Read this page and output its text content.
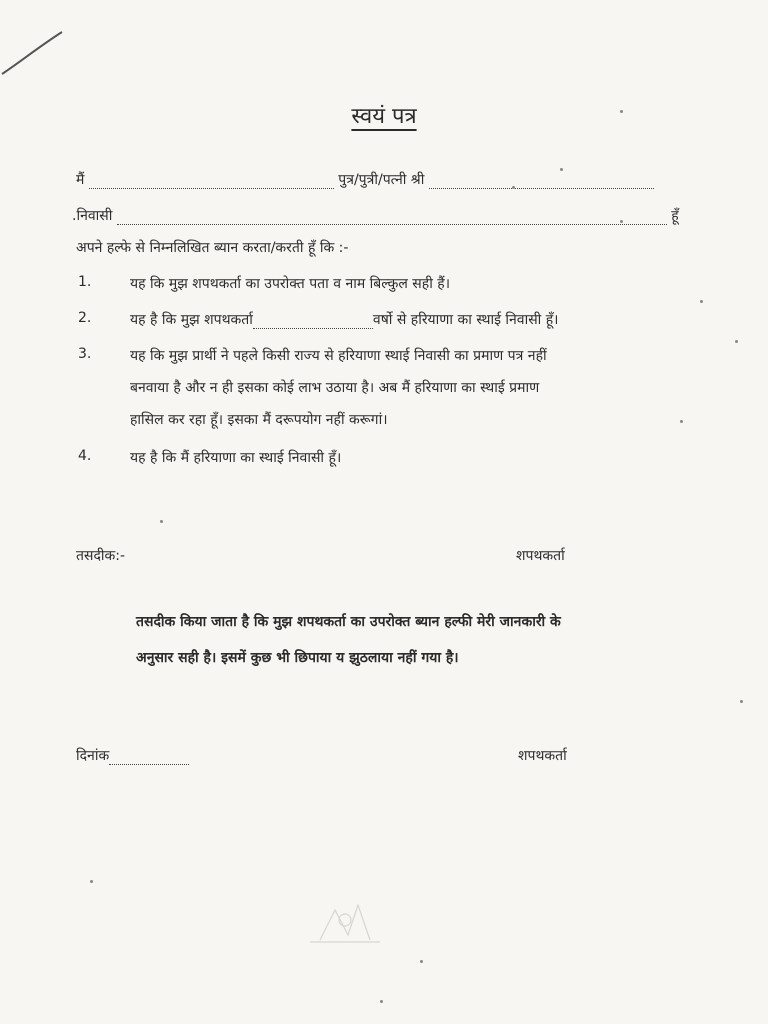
स्वयं पत्र
मैं	पुत्र/पुत्री/पत्नी श्री
.निवासी	हूँ
अपने हल्फे से निम्नलिखित ब्यान करता/करती हूँ कि :-
1.	यह कि मुझ शपथकर्ता का उपरोक्त पता व नाम बिल्कुल सही हैं।
2.	यह है कि मुझ शपथकर्ता	वर्षो से हरियाणा का स्थाई निवासी हूँ।
3.	यह कि मुझ प्रार्थी ने पहले किसी राज्य से हरियाणा स्थाई निवासी का प्रमाण पत्र नहीं
बनवाया है और न ही इसका कोई लाभ उठाया है। अब मैं हरियाणा का स्थाई प्रमाण
हासिल कर रहा हूँ। इसका मैं दरूपयोग नहीं करूगां।
4.	यह है कि मैं हरियाणा का स्थाई निवासी हूँ।
तसदीक:-	शपथकर्ता
तसदीक किया जाता है कि मुझ शपथकर्ता का उपरोक्त ब्यान हल्फी मेरी जानकारी के
अनुसार सही है। इसमें कुछ भी छिपाया य झुठलाया नहीं गया है।
दिनांक	शपथकर्ता
